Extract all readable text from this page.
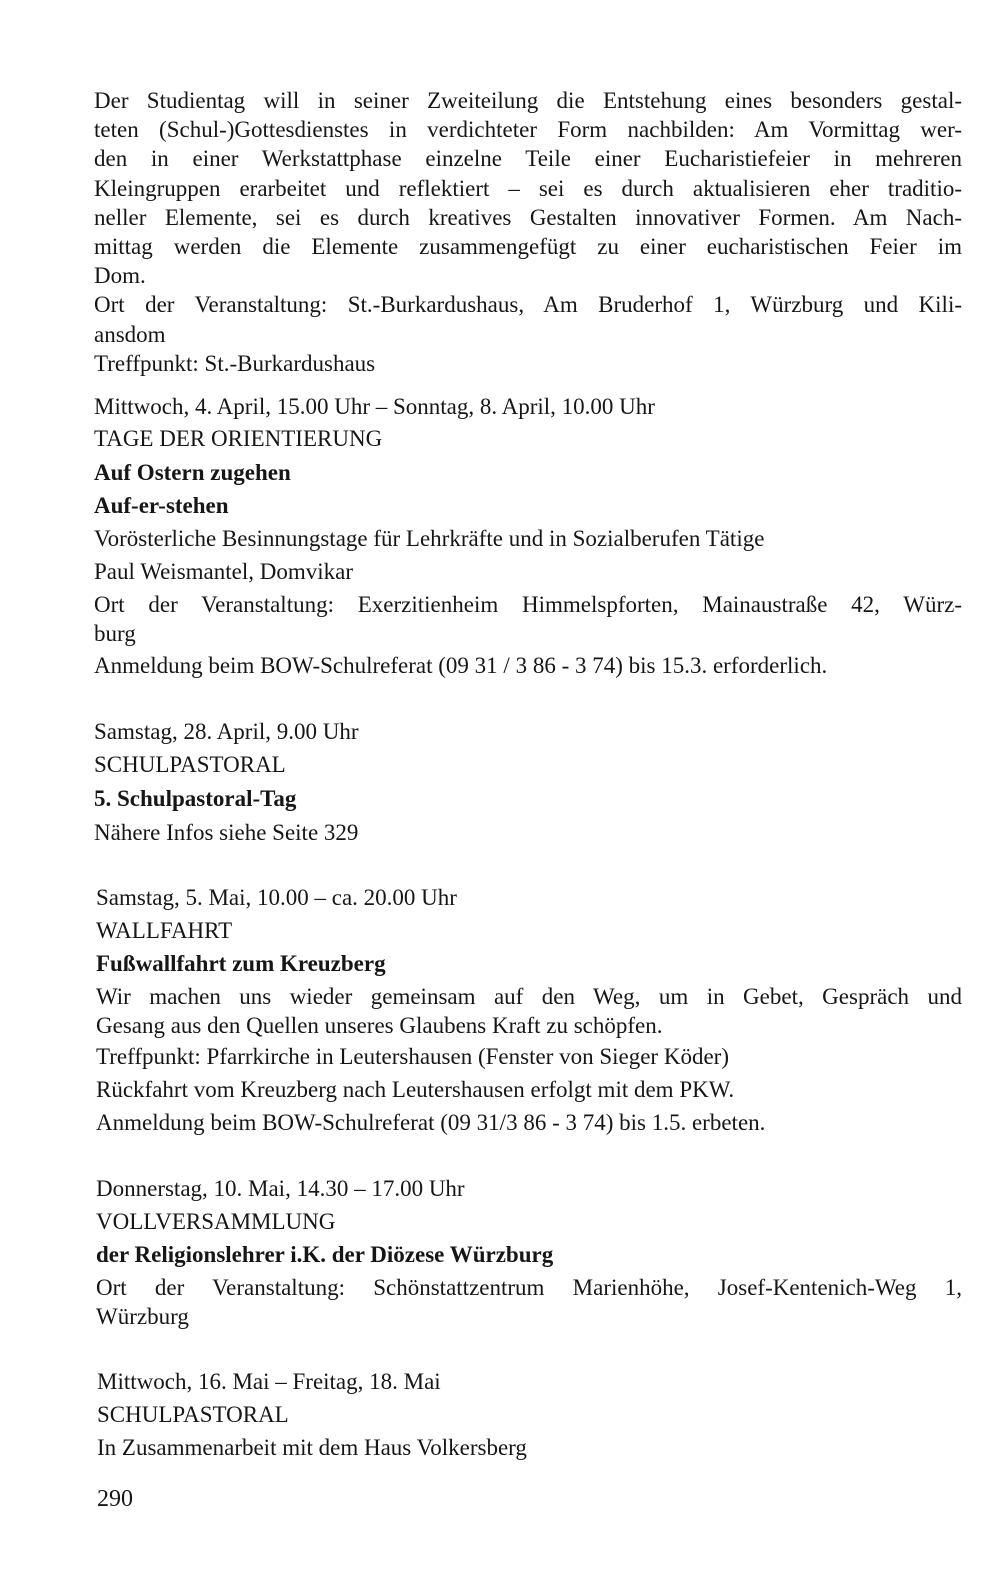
Der Studientag will in seiner Zweiteilung die Entstehung eines besonders gestal-

teten (Schul-)Gottesdienstes in verdichteter Form nachbilden: Am Vormittag wer-

den in einer Werkstattphase einzelne Teile einer Eucharistiefeier in mehreren

Kleingruppen erarbeitet und reflektiert – sei es durch aktualisieren eher traditio-

neller Elemente, sei es durch kreatives Gestalten innovativer Formen. Am Nach-

mittag werden die Elemente zusammengefügt zu einer eucharistischen Feier im

Dom.

Ort der Veranstaltung: St.-Burkardushaus, Am Bruderhof 1, Würzburg und Kili-

ansdom

Treffpunkt: St.-Burkardushaus

Mittwoch, 4. April, 15.00 Uhr – Sonntag, 8. April, 10.00 Uhr

TAGE DER ORIENTIERUNG

Auf Ostern zugehen

Auf-er-stehen

Vorösterliche Besinnungstage für Lehrkräfte und in Sozialberufen Tätige

Paul Weismantel, Domvikar

Ort der Veranstaltung: Exerzitienheim Himmelspforten, Mainaustraße 42, Würz-

burg

Anmeldung beim BOW-Schulreferat (09 31 / 3 86 - 3 74) bis 15.3. erforderlich.

Samstag, 28. April, 9.00 Uhr

SCHULPASTORAL

5. Schulpastoral-Tag

Nähere Infos siehe Seite 329

Samstag, 5. Mai, 10.00 – ca. 20.00 Uhr

WALLFAHRT

Fußwallfahrt zum Kreuzberg

Wir machen uns wieder gemeinsam auf den Weg, um in Gebet, Gespräch und

Gesang aus den Quellen unseres Glaubens Kraft zu schöpfen.

Treffpunkt: Pfarrkirche in Leutershausen (Fenster von Sieger Köder)

Rückfahrt vom Kreuzberg nach Leutershausen erfolgt mit dem PKW.

Anmeldung beim BOW-Schulreferat (09 31/3 86 - 3 74) bis 1.5. erbeten.

Donnerstag, 10. Mai, 14.30 – 17.00 Uhr

VOLLVERSAMMLUNG

der Religionslehrer i.K. der Diözese Würzburg

Ort der Veranstaltung: Schönstattzentrum Marienhöhe, Josef-Kentenich-Weg 1,

Würzburg

Mittwoch, 16. Mai – Freitag, 18. Mai

SCHULPASTORAL

In Zusammenarbeit mit dem Haus Volkersberg

290
